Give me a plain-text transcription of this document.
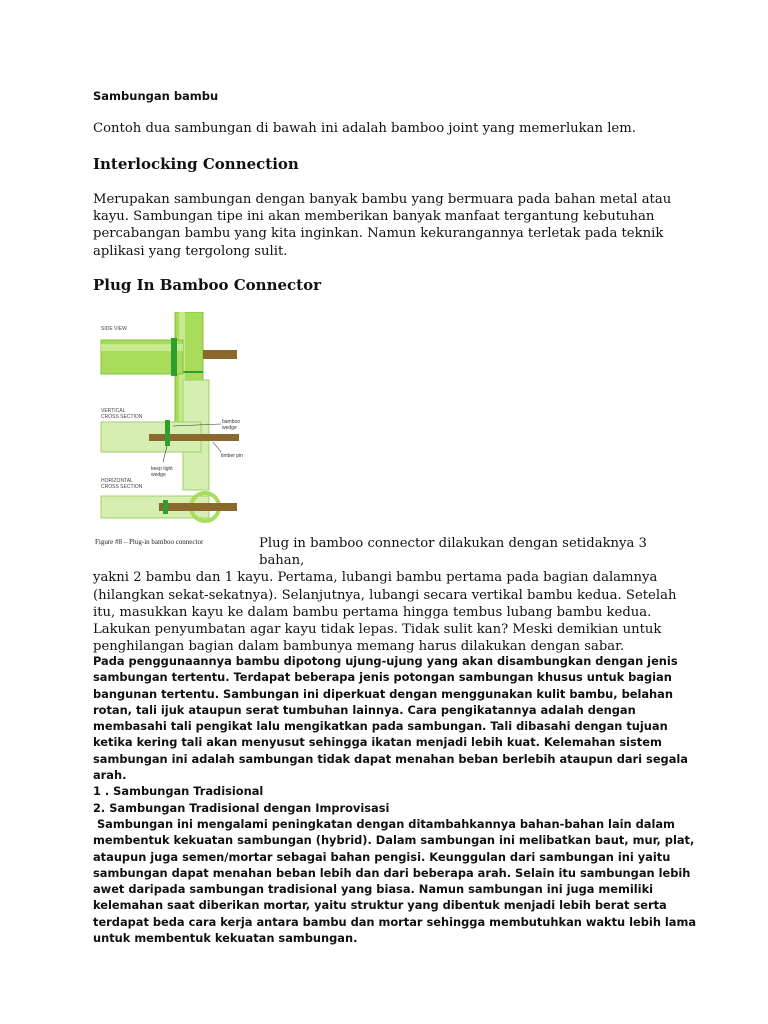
Sambungan bambu
Contoh dua sambungan di bawah ini adalah bamboo joint yang memerlukan lem.
Interlocking Connection
Merupakan sambungan dengan banyak bambu yang bermuara pada bahan metal atau kayu. Sambungan tipe ini akan memberikan banyak manfaat tergantung kebutuhan percabangan bambu yang kita inginkan. Namun kekurangannya terletak pada teknik aplikasi yang tergolong sulit.
Plug In Bamboo Connector
SIDE VIEW
VERTICAL
CROSS SECTION
bamboo
wedge
timber pin
keep tight
wedge
HORIZONTAL
CROSS SECTION
Figure #8 – Plug-in bamboo connector	Plug in bamboo connector dilakukan dengan setidaknya 3 bahan,
yakni 2 bambu dan 1 kayu. Pertama, lubangi bambu pertama pada bagian dalamnya (hilangkan sekat-sekatnya). Selanjutnya, lubangi secara vertikal bambu kedua. Setelah itu, masukkan kayu ke dalam bambu pertama hingga tembus lubang bambu kedua. Lakukan penyumbatan agar kayu tidak lepas. Tidak sulit kan? Meski demikian untuk penghilangan bagian dalam bambunya memang harus dilakukan dengan sabar.

Pada penggunaannya bambu dipotong ujung-ujung yang akan disambungkan dengan jenis sambungan tertentu. Terdapat beberapa jenis potongan sambungan khusus untuk bagian bangunan tertentu. Sambungan ini diperkuat dengan menggunakan kulit bambu, belahan rotan, tali ijuk ataupun serat tumbuhan lainnya. Cara pengikatannya adalah dengan membasahi tali pengikat lalu mengikatkan pada sambungan. Tali dibasahi dengan tujuan ketika kering tali akan menyusut sehingga ikatan menjadi lebih kuat. Kelemahan sistem sambungan ini adalah sambungan tidak dapat menahan beban berlebih ataupun dari segala arah.

1 . Sambungan Tradisional

2. Sambungan Tradisional dengan Improvisasi

Sambungan ini mengalami peningkatan dengan ditambahkannya bahan-bahan lain dalam membentuk kekuatan sambungan (hybrid). Dalam sambungan ini melibatkan baut, mur, plat, ataupun juga semen/mortar sebagai bahan pengisi. Keunggulan dari sambungan ini yaitu sambungan dapat menahan beban lebih dan dari beberapa arah. Selain itu sambungan lebih awet daripada sambungan tradisional yang biasa. Namun sambungan ini juga memiliki kelemahan saat diberikan mortar, yaitu struktur yang dibentuk menjadi lebih berat serta terdapat beda cara kerja antara bambu dan mortar sehingga membutuhkan waktu lebih lama untuk membentuk kekuatan sambungan.
